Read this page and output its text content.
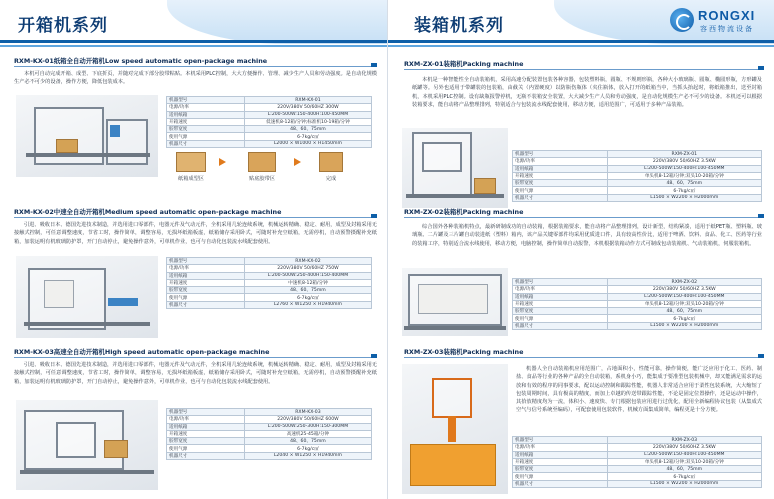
开箱机系列
RXM-KX-01纸箱全自动开箱机Low speed automatic open-package machine

本机可自动完成开箱、成型、下底折页，并随对完成下部分胶带粘贴。本机采用PLC控制，大大方便操作、管理、减少生产人员和劳动强度。是自动化规模生产必不可少的设备，操作方便，降低包装成本。

机器型号	RXM-KX-01
电源/功率	220V/380V 50/60HZ 300W
适用纸箱	L:200-500W:150-400H:100-450MM
开箱速度	低速机8-12箱/分钟;标准机10-19箱/分钟
胶带宽度	48、60、75mm
使用气源	6-7kg/c㎡
机器尺寸	L2000 × W1000 × H1450mm
纸箱成型区	贴底胶带区	完成
RXM-KX-02中速全自动开箱机Medium speed automatic open-package machine

引进、吸收日本、德国先进技术制造，并选用进口零部件，电器元件及气动元件，全机采用几轮连续系统，机械运转精确、稳定、耐用，成型及封箱采用无接触式控制，可任意调整速度，节省工时，操作简单，调整容易，无损坏纸箱板虚，纸箱储存采用卧式，可随时补充空纸箱，无需停机，自动预警摄醒补充纸箱，加装运明有机玻璃防护罩，开门自动停止，避免操作意外，可单机作业，也可与自动化包装流水线配套使用。

机器型号	RXM-KX-02
电源/功率	220V/380V 50/60HZ 750W
适用纸箱	L:200-500W:250-400H:150-400MM
开箱速度	中速机8-12箱/分钟
胶带宽度	48、60、75mm
使用气源	6-7kg/c㎡
机器尺寸	L2760 × W1250 × H1940mm
RXM-KX-03高速全自动开箱机High speed automatic open-package machine

引进、吸收日本、德国先进技术制造，并选用进口零部件，电器元件及气动元件，全机采用几轮连续系统，机械运转精确、稳定、耐用，成型及封箱采用无接触式控制，可任意调整速度，节省工时，操作简单，调整容易，无损坏纸箱板虚，纸箱储存采用卧式，可随时补充空纸箱，无需停机，自动预警摄醒补充纸箱，加装运明有机玻璃防护罩，开门自动停止，避免操作意外，可单机作业，也可与自动化包装流水线配套使用。

机器型号	RXM-KX-03
电源/功率	220V/380V 50/60HZ 600W
适用纸箱	L:200-500W:250-300H:150-300MM
开箱速度	高速机25-45箱/分钟
胶带宽度	48、60、75mm
使用气源	6-7kg/c㎡
机器尺寸	L2040 × W1250 × H1940mm
装箱机系列
RONGXI
容西物流设备
RXM-ZX-01装箱机Packing machine

本机是一种智能性全自动装箱机，采用高速分配装置包装各种容器，包装塑料瓶，圆瓶、不规则形瓶，各种大小玻璃瓶、圆瓶、椭圆形瓶，方形罐及纸罐等。另外也适用于带罐装的包装箱，由截关（内置硬度）以防瓶伤瓶体（夹住瓶体，放入打开的纸箱当中，当抓头抬起时，将纸箱推出，送至封箱机，本机采用PLC控制。设有缺瓶报警停机，无瓶不装箱安全装置，大大减少生产人员和劳动强度，是自动化规模生产必不可少的设备。本机还可以根据装箱要求，能自动将产品整理排列，特别适合与包装流水线配套使用，移动方便，适用范围广，可适用于多种产品装箱。

机器型号	RXM-ZX-01
电源/功率	220V/380V 50/60HZ 3.5KW
适用纸箱	L:200-500W:150-400H:100-450MM
开箱速度	单头机8-12箱/分钟;双头10-20箱/分钟
胶带宽度	48、60、75mm
使用气源	6-7kg/c㎡
机器尺寸	L1500 × W2200 × H2000mm
RXM-ZX-02装箱机Packing machine

综合国外各种装箱机特点，最新研制成功的自动装箱，根据装箱要求，能自动将产品整理排列，设计新型，结构紧凑，适用于纸PET瓶、塑料瓶、玻璃瓶、二片罐及三片罐自动装进纸（塑料）箱内，该产品关键零部件均采用优质进口件，具有较高性价比，适用于啤酒、饮料、食品、化工、医药等行业的装箱工序，特别适合流水线使用，移动方便，电脑控制，操作简单自动报警，本机根据装箱动作方式可制成包动装箱机、气动装箱机，伺服装箱机。

机器型号	RXM-ZX-02
电源/功率	220V/380V 50/60HZ 3.5KW
适用纸箱	L:200-500W:150-400H:100-450MM
开箱速度	单头机8-12箱/分钟;双头10-20箱/分钟
胶带宽度	48、60、75mm
使用气源	6-7kg/c㎡
机器尺寸	L1500 × W2200 × H2000mm
RXM-ZX-03装箱机Packing machine

机器人全自动装箱机应用范围广，占地面积小，性能可靠，操作简便，能广泛应用于化工、医药、制盐、食品等行业的各种产品的全自动装箱，系机身小巧，能集成于要准型包装机械中，却又能满足需求的运放和有效的程序的同事要求，配以运动控制和跟踪性能，机器人非常适合应用于柔性包装系统，大大缩短了包装周期时间，具有极高的精度，而加上卓越的传送带跟踪性能，不论是固定位置操作，还是运动中操作，其拾放精度均为一流，体积小、速度快、专门根据包装应用进行过优化，配用全新编程协议包装（从集成式空气与信号系统至编码），可配套使用包装软件，机械方面集成简单，编程更是十分方便。

机器型号	RXM-ZX-03
电源/功率	220V/380V 50/60HZ 3.5KW
适用纸箱	L:200-500W:150-400H:100-450MM
开箱速度	单头机8-12箱/分钟;双头10-20箱/分钟
胶带宽度	48、60、75mm
使用气源	6-7kg/c㎡
机器尺寸	L1500 × W2200 × H2000mm
